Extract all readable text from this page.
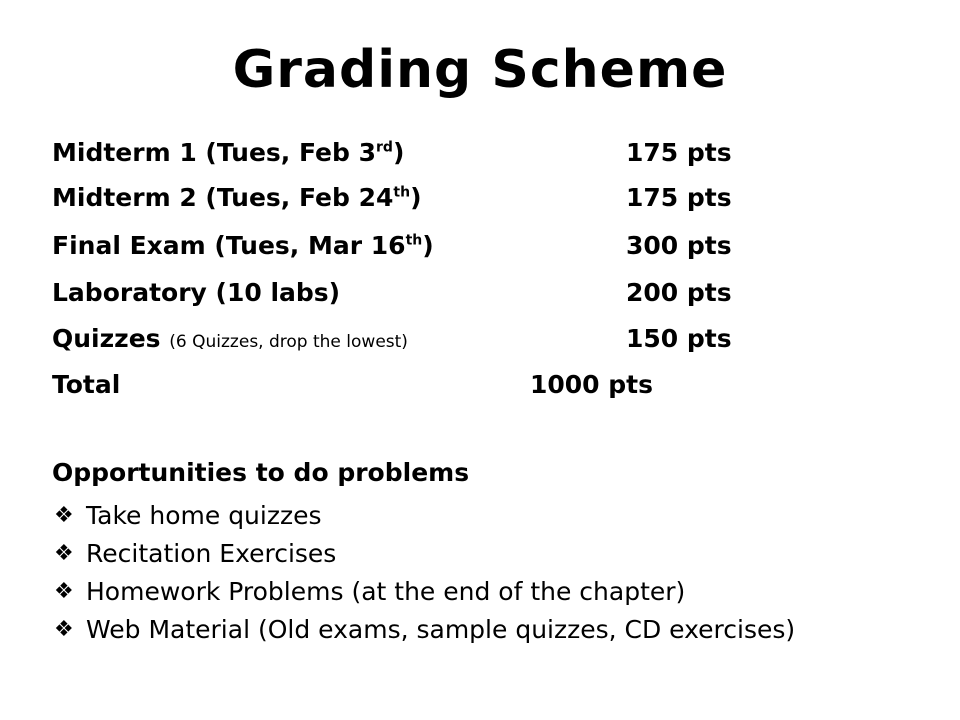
Grading Scheme
Midterm 1 (Tues, Feb 3rd)	175 pts
Midterm 2 (Tues, Feb 24th)	175 pts
Final Exam (Tues, Mar 16th)	300 pts
Laboratory (10 labs)	200 pts
Quizzes (6 Quizzes, drop the lowest)	150 pts
Total	1000 pts
Opportunities to do problems
❖ Take home quizzes
❖ Recitation Exercises
❖ Homework Problems (at the end of the chapter)
❖ Web Material (Old exams, sample quizzes, CD exercises)
